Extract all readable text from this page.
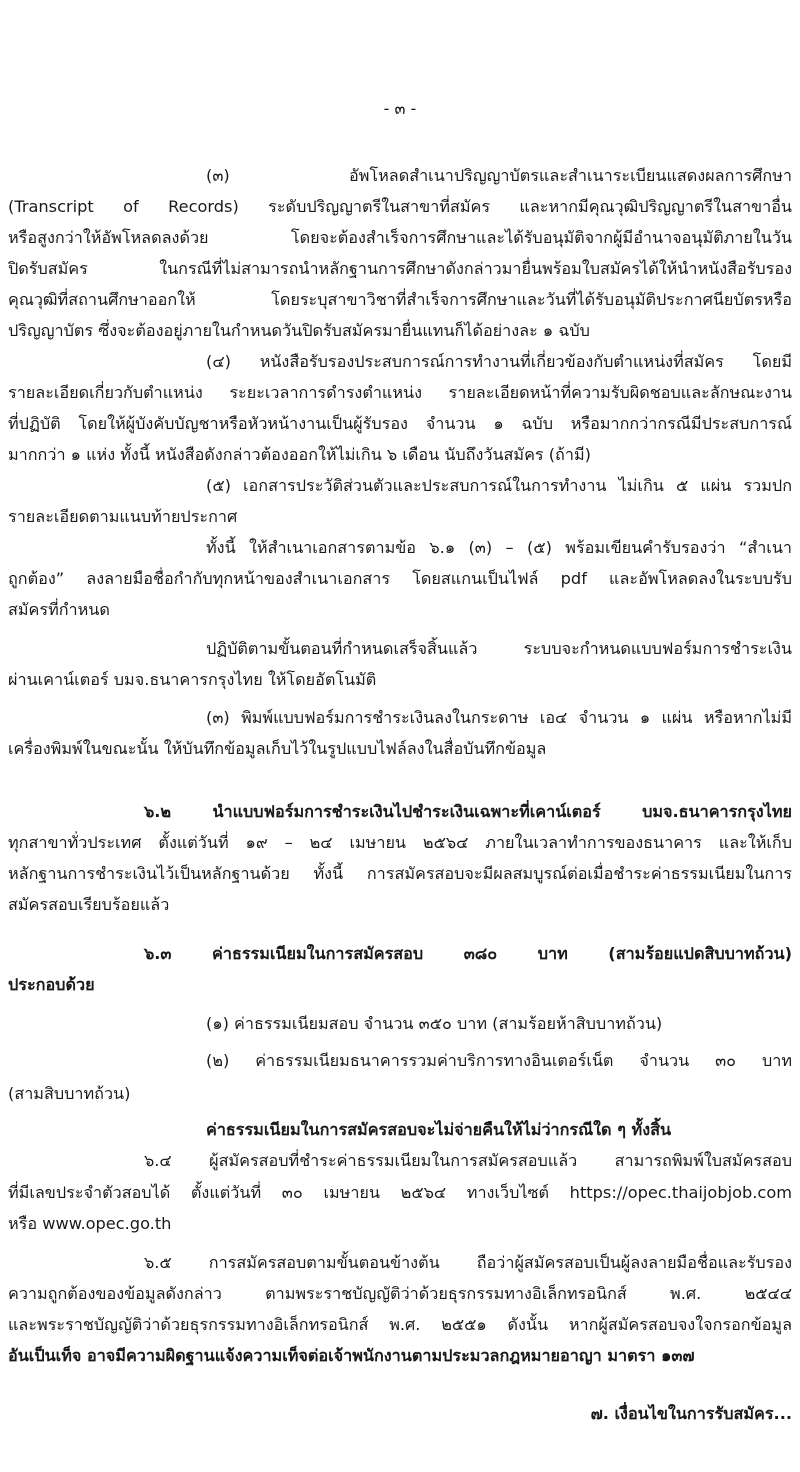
- ๓ -
(๓) อัพโหลดสำเนาปริญญาบัตรและสำเนาระเบียนแสดงผลการศึกษา
(Transcript of Records) ระดับปริญญาตรีในสาขาที่สมัคร และหากมีคุณวุฒิปริญญาตรีในสาขาอื่น
หรือสูงกว่าให้อัพโหลดลงด้วย โดยจะต้องสำเร็จการศึกษาและได้รับอนุมัติจากผู้มีอำนาจอนุมัติภายในวัน
ปิดรับสมัคร ในกรณีที่ไม่สามารถนำหลักฐานการศึกษาดังกล่าวมายื่นพร้อมใบสมัครได้ให้นำหนังสือรับรอง
คุณวุฒิที่สถานศึกษาออกให้ โดยระบุสาขาวิชาที่สำเร็จการศึกษาและวันที่ได้รับอนุมัติประกาศนียบัตรหรือ
ปริญญาบัตร ซึ่งจะต้องอยู่ภายในกำหนดวันปิดรับสมัครมายื่นแทนก็ได้อย่างละ ๑ ฉบับ
(๔) หนังสือรับรองประสบการณ์การทำงานที่เกี่ยวข้องกับตำแหน่งที่สมัคร โดยมี
รายละเอียดเกี่ยวกับตำแหน่ง ระยะเวลาการดำรงตำแหน่ง รายละเอียดหน้าที่ความรับผิดชอบและลักษณะงาน
ที่ปฏิบัติ โดยให้ผู้บังคับบัญชาหรือหัวหน้างานเป็นผู้รับรอง จำนวน ๑ ฉบับ หรือมากกว่ากรณีมีประสบการณ์
มากกว่า ๑ แห่ง ทั้งนี้ หนังสือดังกล่าวต้องออกให้ไม่เกิน ๖ เดือน นับถึงวันสมัคร (ถ้ามี)
(๕) เอกสารประวัติส่วนตัวและประสบการณ์ในการทำงาน ไม่เกิน ๕ แผ่น รวมปก
รายละเอียดตามแนบท้ายประกาศ
ทั้งนี้ ให้สำเนาเอกสารตามข้อ ๖.๑ (๓) – (๕) พร้อมเขียนคำรับรองว่า “สำเนา
ถูกต้อง” ลงลายมือชื่อกำกับทุกหน้าของสำเนาเอกสาร โดยสแกนเป็นไฟล์ pdf และอัพโหลดลงในระบบรับ
สมัครที่กำหนด
ปฏิบัติตามขั้นตอนที่กำหนดเสร็จสิ้นแล้ว ระบบจะกำหนดแบบฟอร์มการชำระเงิน
ผ่านเคาน์เตอร์ บมจ.ธนาคารกรุงไทย ให้โดยอัตโนมัติ
(๓) พิมพ์แบบฟอร์มการชำระเงินลงในกระดาษ เอ๔ จำนวน ๑ แผ่น หรือหากไม่มี
เครื่องพิมพ์ในขณะนั้น ให้บันทึกข้อมูลเก็บไว้ในรูปแบบไฟล์ลงในสื่อบันทึกข้อมูล
๖.๒ นำแบบฟอร์มการชำระเงินไปชำระเงินเฉพาะที่เคาน์เตอร์ บมจ.ธนาคารกรุงไทย
ทุกสาขาทั่วประเทศ ตั้งแต่วันที่ ๑๙ – ๒๔ เมษายน ๒๕๖๔ ภายในเวลาทำการของธนาคาร และให้เก็บ
หลักฐานการชำระเงินไว้เป็นหลักฐานด้วย ทั้งนี้ การสมัครสอบจะมีผลสมบูรณ์ต่อเมื่อชำระค่าธรรมเนียมในการ
สมัครสอบเรียบร้อยแล้ว
๖.๓ ค่าธรรมเนียมในการสมัครสอบ ๓๘๐ บาท (สามร้อยแปดสิบบาทถ้วน)
ประกอบด้วย
(๑) ค่าธรรมเนียมสอบ จำนวน ๓๕๐ บาท (สามร้อยห้าสิบบาทถ้วน)
(๒) ค่าธรรมเนียมธนาคารรวมค่าบริการทางอินเตอร์เน็ต จำนวน ๓๐ บาท
(สามสิบบาทถ้วน)
ค่าธรรมเนียมในการสมัครสอบจะไม่จ่ายคืนให้ไม่ว่ากรณีใด ๆ ทั้งสิ้น
๖.๔ ผู้สมัครสอบที่ชำระค่าธรรมเนียมในการสมัครสอบแล้ว สามารถพิมพ์ใบสมัครสอบ
ที่มีเลขประจำตัวสอบได้ ตั้งแต่วันที่ ๓๐ เมษายน ๒๕๖๔ ทางเว็บไซต์ https://opec.thaijobjob.com
หรือ www.opec.go.th
๖.๕ การสมัครสอบตามขั้นตอนข้างต้น ถือว่าผู้สมัครสอบเป็นผู้ลงลายมือชื่อและรับรอง
ความถูกต้องของข้อมูลดังกล่าว ตามพระราชบัญญัติว่าด้วยธุรกรรมทางอิเล็กทรอนิกส์ พ.ศ. ๒๕๔๔
และพระราชบัญญัติว่าด้วยธุรกรรมทางอิเล็กทรอนิกส์ พ.ศ. ๒๕๕๑ ดังนั้น หากผู้สมัครสอบจงใจกรอกข้อมูล
อันเป็นเท็จ อาจมีความผิดฐานแจ้งความเท็จต่อเจ้าพนักงานตามประมวลกฎหมายอาญา มาตรา ๑๓๗
๗. เงื่อนไขในการรับสมัคร...
